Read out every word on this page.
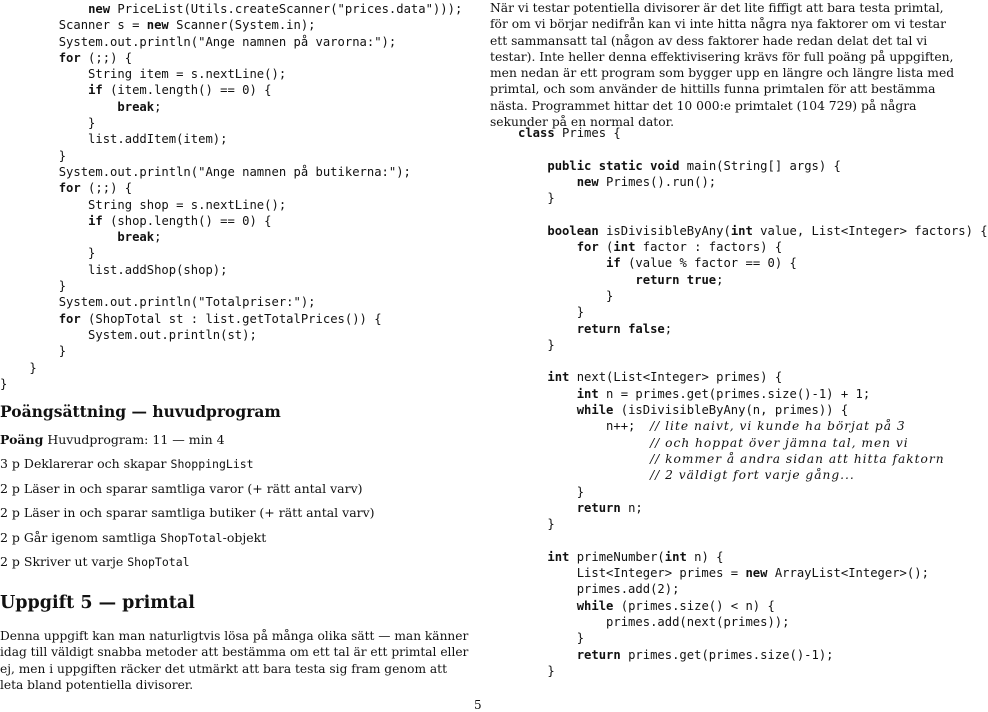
new PriceList(Utils.createScanner("prices.data")));
Scanner s = new Scanner(System.in);
System.out.println("Ange namnen på varorna:");
for (;;) {
String item = s.nextLine();
if (item.length() == 0) {
break;
}
list.addItem(item);
}
System.out.println("Ange namnen på butikerna:");
for (;;) {
String shop = s.nextLine();
if (shop.length() == 0) {
break;
}
list.addShop(shop);
}
System.out.println("Totalpriser:");
for (ShopTotal st : list.getTotalPrices()) {
System.out.println(st);
}
}
}
Poängsättning — huvudprogram
Poäng Huvudprogram: 11 — min 4
3 p Deklarerar och skapar ShoppingList
2 p Läser in och sparar samtliga varor (+ rätt antal varv)
2 p Läser in och sparar samtliga butiker (+ rätt antal varv)
2 p Går igenom samtliga ShopTotal-objekt
2 p Skriver ut varje ShopTotal
Uppgift 5 — primtal

Denna uppgift kan man naturligtvis lösa på många olika sätt — man känner idag till väldigt snabba metoder att bestämma om ett tal är ett primtal eller ej, men i uppgiften räcker det utmärkt att bara testa sig fram genom att leta bland potentiella divisorer.

När vi testar potentiella divisorer är det lite fiffigt att bara testa primtal, för om vi börjar nedifrån kan vi inte hitta några nya faktorer om vi testar ett sammansatt tal (någon av dess faktorer hade redan delat det tal vi testar). Inte heller denna effektivisering krävs för full poäng på uppgiften, men nedan är ett program som bygger upp en längre och längre lista med primtal, och som använder de hittills funna primtalen för att bestämma nästa. Programmet hittar det 10 000:e primtalet (104 729) på några sekunder på en normal dator.

class Primes {
public static void main(String[] args) {
new Primes().run();
}
boolean isDivisibleByAny(int value, List<Integer> factors) {
for (int factor : factors) {
if (value % factor == 0) {
return true;
}
}
return false;
}
int next(List<Integer> primes) {
int n = primes.get(primes.size()-1) + 1;
while (isDivisibleByAny(n, primes)) {
n++;  // lite naivt, vi kunde ha börjat på 3
// och hoppat över jämna tal, men vi
// kommer å andra sidan att hitta faktorn
// 2 väldigt fort varje gång...
}
return n;
}
int primeNumber(int n) {
List<Integer> primes = new ArrayList<Integer>();
primes.add(2);
while (primes.size() < n) {
primes.add(next(primes));
}
return primes.get(primes.size()-1);
}
5
